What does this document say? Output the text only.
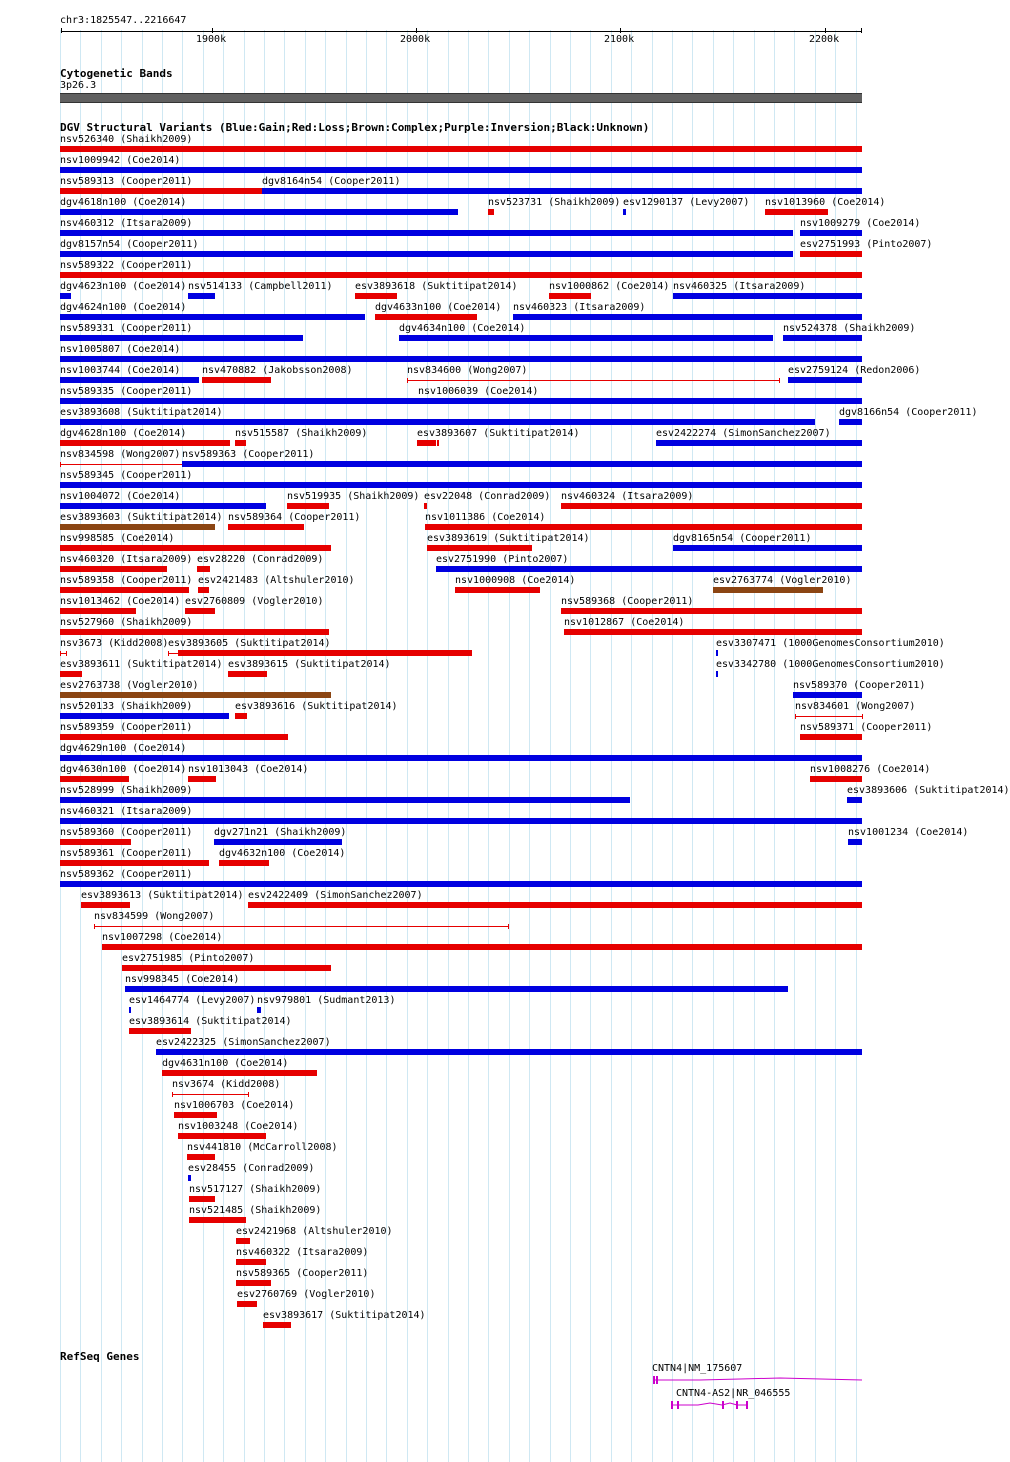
chr3:1825547..2216647
1900k	2000k	2100k	2200k
Cytogenetic Bands
3p26.3
DGV Structural Variants (Blue:Gain;Red:Loss;Brown:Complex;Purple:Inversion;Black:Unknown)
nsv526340 (Shaikh2009)
nsv1009942 (Coe2014)
nsv589313 (Cooper2011)	dgv8164n54 (Cooper2011)
dgv4618n100 (Coe2014)	nsv523731 (Shaikh2009) esv1290137 (Levy2007) nsv1013960 (Coe2014)
nsv460312 (Itsara2009)	nsv1009279 (Coe2014)
dgv8157n54 (Cooper2011)	esv2751993 (Pinto2007)
nsv589322 (Cooper2011)
dgv4623n100 (Coe2014) nsv514133 (Campbell2011) esv3893618 (Suktitipat2014)	nsv1000862 (Coe2014) nsv460325 (Itsara2009)
dgv4624n100 (Coe2014)	dgv4633n100 (Coe2014) nsv460323 (Itsara2009)
nsv589331 (Cooper2011)	dgv4634n100 (Coe2014)	nsv524378 (Shaikh2009)
nsv1005807 (Coe2014)
nsv1003744 (Coe2014) nsv470882 (Jakobsson2008)	nsv834600 (Wong2007)	esv2759124 (Redon2006)
nsv589335 (Cooper2011)	nsv1006039 (Coe2014)
esv3893608 (Suktitipat2014)	dgv8166n54 (Cooper2011)
dgv4628n100 (Coe2014)	nsv515587 (Shaikh2009)	esv3893607 (Suktitipat2014)	esv2422274 (SimonSanchez2007)
nsv834598 (Wong2007) nsv589363 (Cooper2011)
nsv589345 (Cooper2011)
nsv1004072 (Coe2014)	nsv519935 (Shaikh2009) esv22048 (Conrad2009) nsv460324 (Itsara2009)
esv3893603 (Suktitipat2014) nsv589364 (Cooper2011)	nsv1011386 (Coe2014)
nsv998585 (Coe2014)	esv3893619 (Suktitipat2014)	dgv8165n54 (Cooper2011)
nsv460320 (Itsara2009) esv28220 (Conrad2009)	esv2751990 (Pinto2007)
nsv589358 (Cooper2011) esv2421483 (Altshuler2010)	nsv1000908 (Coe2014)	esv2763774 (Vogler2010)
nsv1013462 (Coe2014) esv2760809 (Vogler2010)	nsv589368 (Cooper2011)
nsv527960 (Shaikh2009)	nsv1012867 (Coe2014)
nsv3673 (Kidd2008) esv3893605 (Suktitipat2014)	esv3307471 (1000GenomesConsortium2010)
esv3893611 (Suktitipat2014) esv3893615 (Suktitipat2014)	esv3342780 (1000GenomesConsortium2010)
esv2763738 (Vogler2010)	nsv589370 (Cooper2011)
nsv520133 (Shaikh2009)	esv3893616 (Suktitipat2014)	nsv834601 (Wong2007)
nsv589359 (Cooper2011)	nsv589371 (Cooper2011)
dgv4629n100 (Coe2014)
dgv4630n100 (Coe2014) nsv1013043 (Coe2014)	nsv1008276 (Coe2014)
nsv528999 (Shaikh2009)	esv3893606 (Suktitipat2014)
nsv460321 (Itsara2009)
nsv589360 (Cooper2011) dgv271n21 (Shaikh2009)	nsv1001234 (Coe2014)
nsv589361 (Cooper2011)	dgv4632n100 (Coe2014)
nsv589362 (Cooper2011)
esv3893613 (Suktitipat2014) esv2422409 (SimonSanchez2007)
nsv834599 (Wong2007)
nsv1007298 (Coe2014)
esv2751985 (Pinto2007)
nsv998345 (Coe2014)
esv1464774 (Levy2007) nsv979801 (Sudmant2013)
esv3893614 (Suktitipat2014)
esv2422325 (SimonSanchez2007)
dgv4631n100 (Coe2014)
nsv3674 (Kidd2008)
nsv1006703 (Coe2014)
nsv1003248 (Coe2014)
nsv441810 (McCarroll2008)
esv28455 (Conrad2009)
nsv517127 (Shaikh2009)
nsv521485 (Shaikh2009)
esv2421968 (Altshuler2010)
nsv460322 (Itsara2009)
nsv589365 (Cooper2011)
esv2760769 (Vogler2010)
esv3893617 (Suktitipat2014)
RefSeq Genes
CNTN4|NM_175607
CNTN4-AS2|NR_046555
